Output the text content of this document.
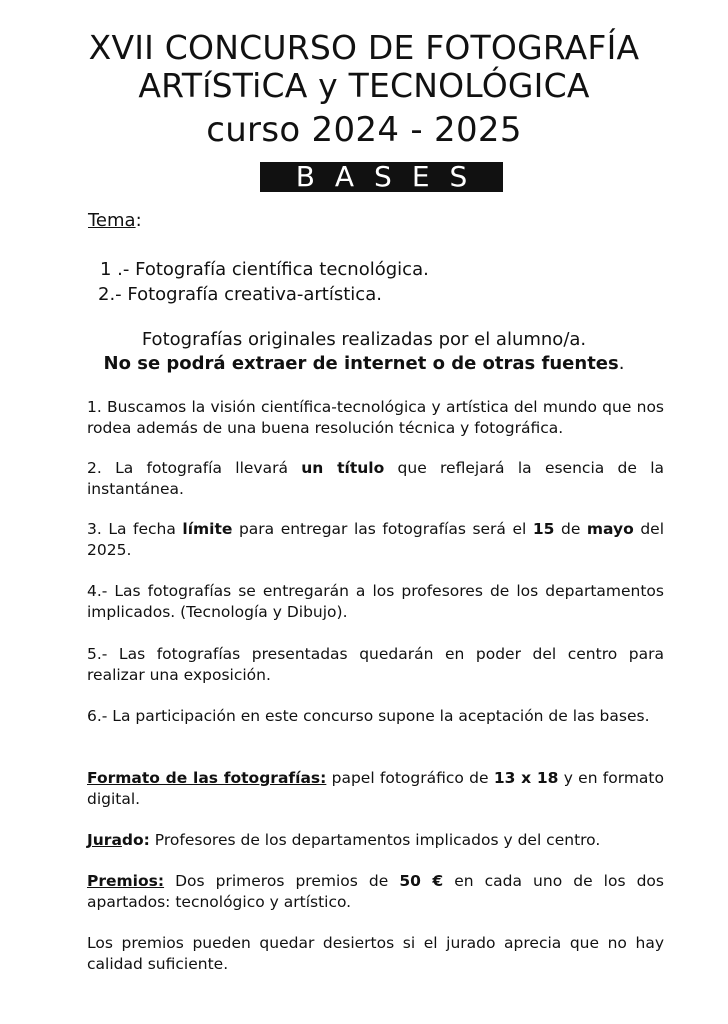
XVII CONCURSO DE FOTOGRAFÍA
ARTíSTiCA y TECNOLÓGICA
curso 2024 - 2025
BASES
Tema:
1 .- Fotografía científica tecnológica.
2.- Fotografía creativa-artística.
Fotografías originales realizadas por el alumno/a.
No se podrá extraer de internet o de otras fuentes.
1. Buscamos la visión científica-tecnológica y artística del mundo que nos rodea además de una buena resolución técnica y fotográfica.
2. La fotografía llevará un título que reflejará la esencia de la instantánea.
3. La fecha límite para entregar las fotografías será el 15 de mayo del 2025.
4.- Las fotografías se entregarán a los profesores de los departamentos implicados. (Tecnología y Dibujo).
5.- Las fotografías presentadas quedarán en poder del centro para realizar una exposición.
6.- La participación en este concurso supone la aceptación de las bases.
Formato de las fotografías: papel fotográfico de 13 x 18 y en formato digital.
Jurado: Profesores de los departamentos implicados y del centro.
Premios: Dos primeros premios de 50 € en cada uno de los dos apartados: tecnológico y artístico.
Los premios pueden quedar desiertos si el jurado aprecia que no hay calidad suficiente.
